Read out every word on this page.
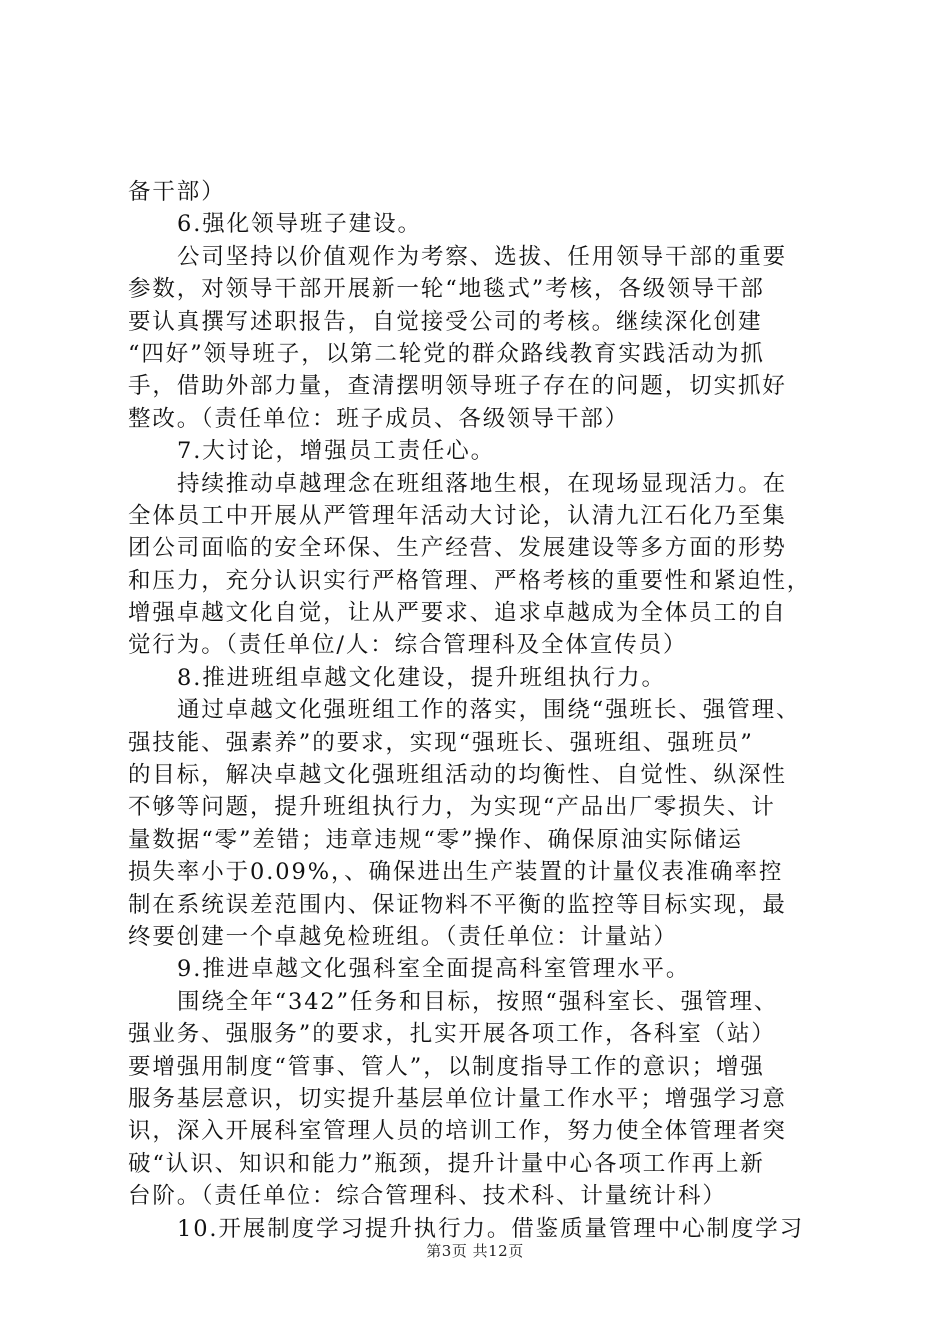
备干部）
6.强化领导班子建设。
公司坚持以价值观作为考察、选拔、任用领导干部的重要
参数，对领导干部开展新一轮“地毯式”考核，各级领导干部
要认真撰写述职报告，自觉接受公司的考核。继续深化创建
“四好”领导班子，以第二轮党的群众路线教育实践活动为抓
手，借助外部力量，查清摆明领导班子存在的问题，切实抓好
整改。（责任单位：班子成员、各级领导干部）
7.大讨论，增强员工责任心。
持续推动卓越理念在班组落地生根，在现场显现活力。在
全体员工中开展从严管理年活动大讨论，认清九江石化乃至集
团公司面临的安全环保、生产经营、发展建设等多方面的形势
和压力，充分认识实行严格管理、严格考核的重要性和紧迫性，
增强卓越文化自觉，让从严要求、追求卓越成为全体员工的自
觉行为。（责任单位/人：综合管理科及全体宣传员）
8.推进班组卓越文化建设，提升班组执行力。
通过卓越文化强班组工作的落实，围绕“强班长、强管理、
强技能、强素养”的要求，实现“强班长、强班组、强班员”
的目标，解决卓越文化强班组活动的均衡性、自觉性、纵深性
不够等问题，提升班组执行力，为实现“产品出厂零损失、计
量数据“零”差错；违章违规“零”操作、确保原油实际储运
损失率小于0.09%，、确保进出生产装置的计量仪表准确率控
制在系统误差范围内、保证物料不平衡的监控等目标实现，最
终要创建一个卓越免检班组。（责任单位：计量站）
9.推进卓越文化强科室全面提高科室管理水平。
围绕全年“342”任务和目标，按照“强科室长、强管理、
强业务、强服务”的要求，扎实开展各项工作，各科室（站）
要增强用制度“管事、管人”，以制度指导工作的意识；增强
服务基层意识，切实提升基层单位计量工作水平；增强学习意
识，深入开展科室管理人员的培训工作，努力使全体管理者突
破“认识、知识和能力”瓶颈，提升计量中心各项工作再上新
台阶。（责任单位：综合管理科、技术科、计量统计科）
10.开展制度学习提升执行力。借鉴质量管理中心制度学习
第3页 共12页
